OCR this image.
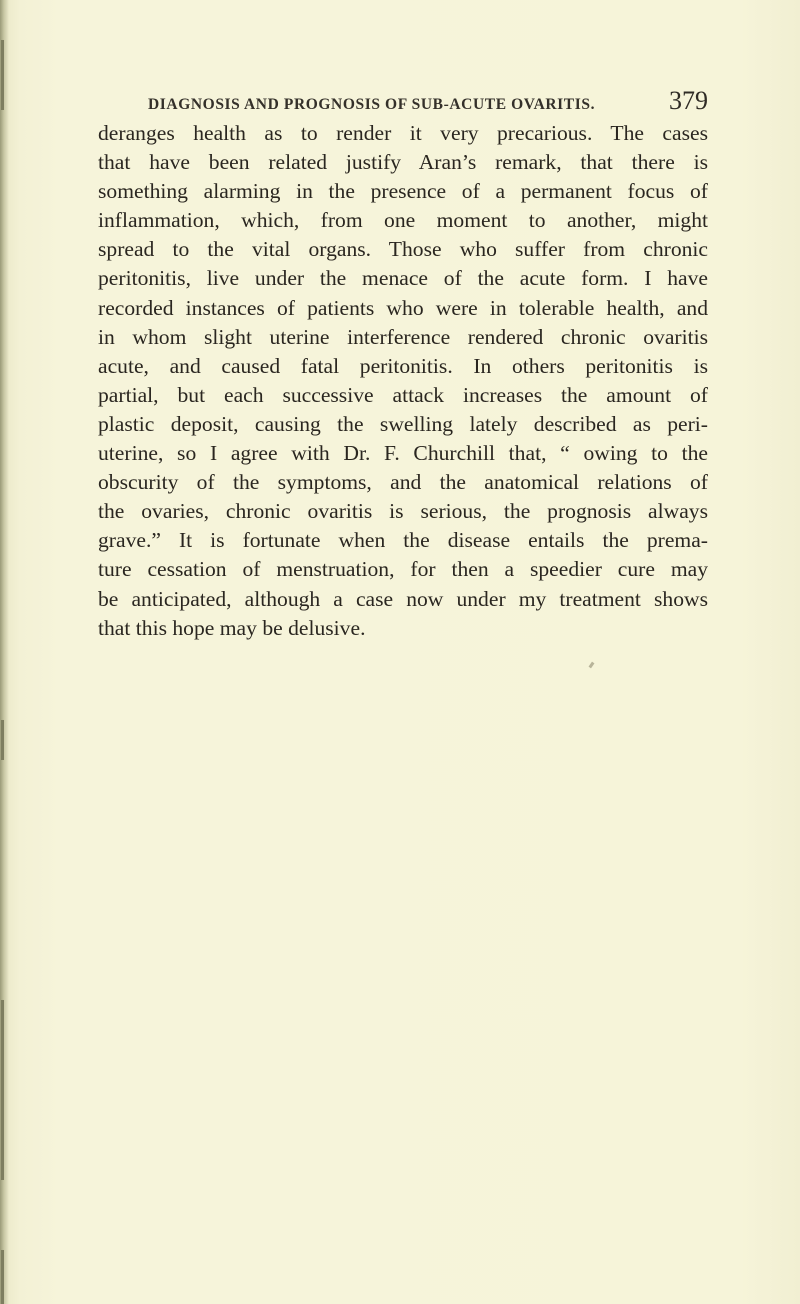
DIAGNOSIS AND PROGNOSIS OF SUB-ACUTE OVARITIS.	379
deranges health as to render it very precarious. The cases
that have been related justify Aran’s remark, that there is
something alarming in the presence of a permanent focus of
inflammation, which, from one moment to another, might
spread to the vital organs. Those who suffer from chronic
peritonitis, live under the menace of the acute form. I have
recorded instances of patients who were in tolerable health, and
in whom slight uterine interference rendered chronic ovaritis
acute, and caused fatal peritonitis. In others peritonitis is
partial, but each successive attack increases the amount of
plastic deposit, causing the swelling lately described as peri-
uterine, so I agree with Dr. F. Churchill that, “ owing to the
obscurity of the symptoms, and the anatomical relations of
the ovaries, chronic ovaritis is serious, the prognosis always
grave.” It is fortunate when the disease entails the prema-
ture cessation of menstruation, for then a speedier cure may
be anticipated, although a case now under my treatment shows
that this hope may be delusive.
